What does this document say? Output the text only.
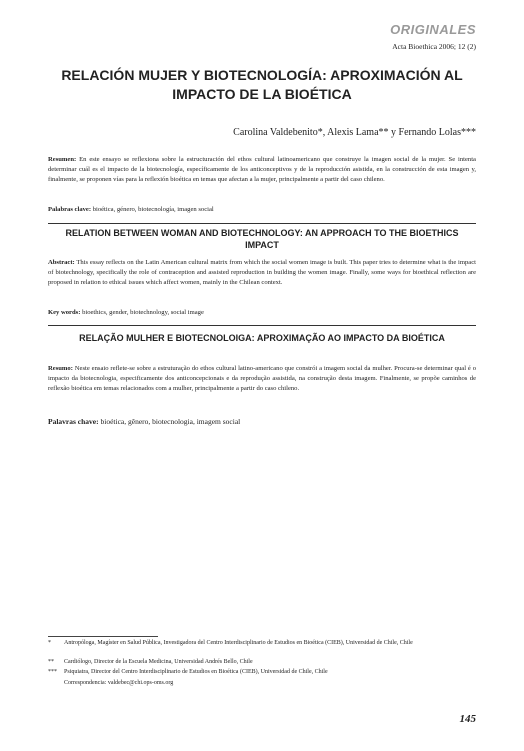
ORIGINALES
Acta Bioethica 2006; 12 (2)
RELACIÓN MUJER Y BIOTECNOLOGÍA: APROXIMACIÓN AL IMPACTO DE LA BIOÉTICA
Carolina Valdebenito*, Alexis Lama** y Fernando Lolas***
Resumen: En este ensayo se reflexiona sobre la estructuración del ethos cultural latinoamericano que construye la imagen social de la mujer. Se intenta determinar cuál es el impacto de la biotecnología, específicamente de los anticonceptivos y de la reproducción asistida, en la construcción de esta imagen y, finalmente, se proponen vías para la reflexión bioética en temas que afectan a la mujer, principalmente a partir del caso chileno.
Palabras clave: bioética, género, biotecnología, imagen social
RELATION BETWEEN WOMAN AND BIOTECHNOLOGY: AN APPROACH TO THE BIOETHICS IMPACT
Abstract: This essay reflects on the Latin American cultural matrix from which the social women image is built. This paper tries to determine what is the impact of biotechnology, specifically the role of contraception and assisted reproduction in building the women image. Finally, some ways for bioethical reflection are proposed in relation to ethical issues which affect women, mainly in the Chilean context.
Key words: bioethics, gender, biotechnology, social image
RELAÇÃO MULHER E BIOTECNOLOIGA: APROXIMAÇÃO AO IMPACTO DA BIOÉTICA
Resumo: Neste ensaio reflete-se sobre a estruturação do ethos cultural latino-americano que constrói a imagem social da mulher. Procura-se determinar qual é o impacto da biotecnologia, especificamente dos anticoncepcionais e da reprodução assistida, na construção desta imagem. Finalmente, se propõe caminhos de reflexão bioética em temas relacionados com a mulher, principalmente a partir do caso chileno.
Palavras chave: bioética, gênero, biotecnologia, imagem social
* Antropóloga, Magíster en Salud Pública, Investigadora del Centro Interdisciplinario de Estudios en Bioética (CIEB), Universidad de Chile, Chile
** Cardiólogo, Director de la Escuela Medicina, Universidad Andrés Bello, Chile
*** Psiquiatra, Director del Centro Interdisciplinario de Estudios en Bioética (CIEB), Universidad de Chile, Chile
Correspondencia: valdebec@chi.ops-oms.org
145
